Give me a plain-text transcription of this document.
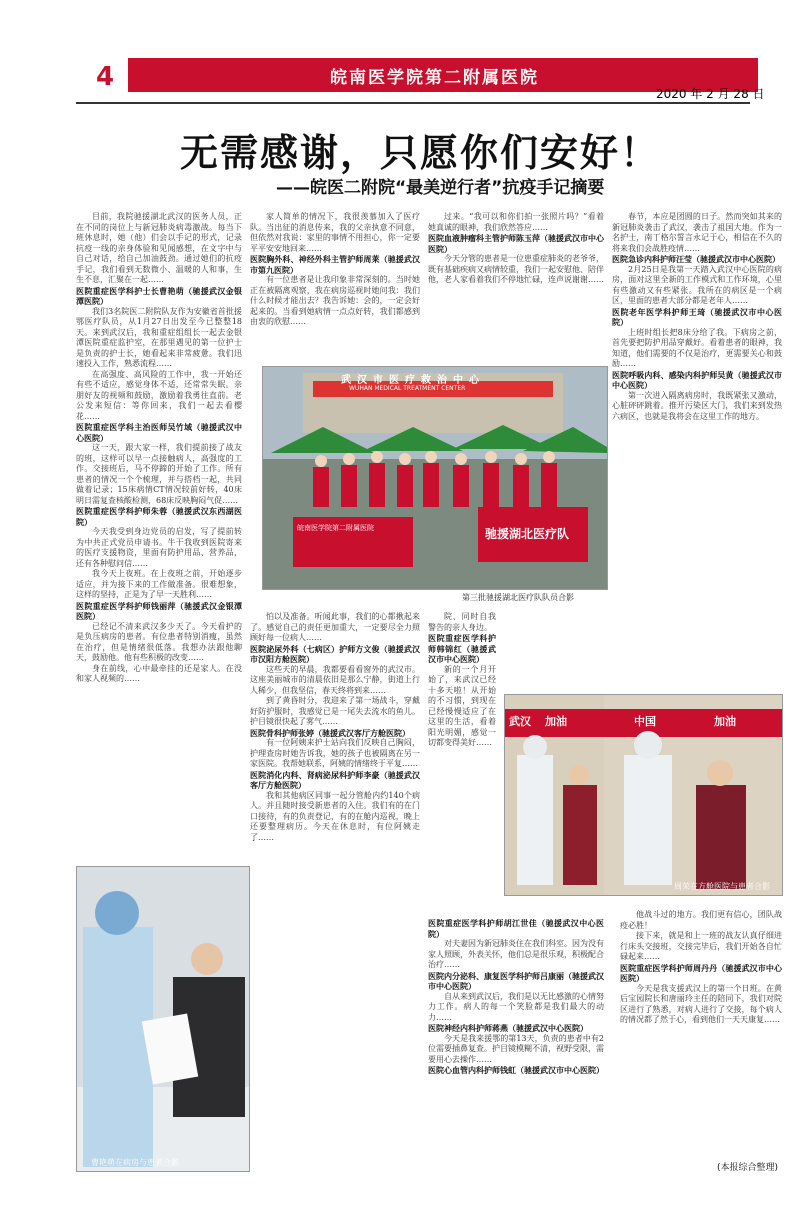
4	皖南医学院第二附属医院
2020 年 2 月 28 日
无需感谢，只愿你们安好！
——皖医二附院“最美逆行者”抗疫手记摘要

目前，我院驰援湖北武汉的医务人员，正在不同的岗位上与新冠肺炎病毒激战。每当下班休息时，她（他）们会以手记的形式，记录抗疫一线的亲身体验和见闻感想，在文字中与自己对话，给自己加油鼓劲。通过她们的抗疫手记，我们看到无数微小、温暖的人和事，生生不息，汇聚在一起……

医院重症医学科护士长曹艳萌（驰援武汉金银潭医院）

我们3名院医二附院队友作为安徽省首批援鄂医疗队员，从1月27日出发至今已整整18天。来到武汉后，我和重症组组长一起去金银潭医院重症监护室，在那里遇见的第一位护士是负责的护士长，她看起来非常疲惫。我们迅速投入工作，熟悉流程……

在高强度、高风险的工作中，我一开始还有些不适应，感觉身体不适，还常常失眠。亲朋好友的视频和鼓励，激励着我勇往直前。老公发来短信：等你回来，我们一起去看樱花……

医院重症医学科主治医师吴竹域（驰援武汉中心医院）

这一天，跟大家一样，我们提前接了战友的班，这样可以早一点接触病人，高强度的工作。交接班后，马不停蹄的开始了工作。所有患者的情况一个个梳理，并与搭档一起，共同做着记录；15床病情CT情况较前好转，40床明日需复查核酸检测，68床反映胸闷气促……

医院重症医学科护师朱蓉（驰援武汉东西湖医院）

今天我受到身边党员的启发，写了提前转为中共正式党员申请书。牛干我收到医院寄来的医疗支援物资，里面有防护用品、营养品，还有各种慰问信……

我今天上夜班。在上夜班之前，开始逐步适应，并为接下来的工作做准备。很难想象，这样的坚持，正是为了早一天胜利……

医院重症医学科护师钱丽萍（驰援武汉金银潭医院）

已经记不清来武汉多少天了。今天看护的是负压病房的患者。有位患者特别消瘦，虽然在治疗，但是情绪很低落。我想办法跟他聊天，鼓励他。他有些积极的改变……

身在前线，心中最牵挂的还是家人。在没和家人视频的……

家人简单的情况下，我很羡慕加入了医疗队。当出征的消息传来，我的父亲执意不同意，但依然对我说：家里的事情不用担心，你一定要平平安安地回来……

医院胸外科、神经外科主管护师周莱（驰援武汉市第九医院）

有一位患者是让我印象非常深刻的。当时她正在被隔离观察，我在病房巡视时她问我：我们什么时候才能出去？我告诉她：会的，一定会好起来的。当看到她病情一点点好转，我们都感到由衷的欣慰……

怕以及准备。听闻此事，我们的心都揪起来了。感觉自己的责任更加重大，一定要尽全力照顾好每一位病人……

医院泌尿外科（七病区）护师方文俊（驰援武汉市汉阳方舱医院）

这些天的早晨，我都要看看窗外的武汉市。这座美丽城市的清晨依旧是那么宁静，街道上行人稀少，但我坚信，春天终将到来……

到了黄昏时分，我迎来了第一场战斗，穿戴好防护服时，我感觉已是一尾失去流水的鱼儿。护目镜很快起了雾气……

医院骨科护师张婷（驰援武汉客厅方舱医院）

有一位阿姨来护士站向我们反映自己胸闷，护理查房时她告诉我，她的孩子也被隔离在另一家医院。我帮她联系，阿姨的情绪终于平复……

医院消化内科、肾病泌尿科护师李豪（驰援武汉客厅方舱医院）

我和其他病区同事一起分管舱内约140个病人。并且随时接受新患者的入住。我们有的在门口接待，有的负责登记，有的在舱内巡视，晚上还要整理病历。今天在休息时，有位阿姨走了……

过来。“我可以和你们拍一张照片吗？”看着她真诚的眼神，我们欣然答应……

医院血液肿瘤科主管护师陈玉萍（驰援武汉市中心医院）

今天分管的患者是一位患重症肺炎的老爷爷，既有基础疾病又病情较重，我们一起安慰他、陪伴他，老人家看着我们不停地忙碌，连声说谢谢……

院、同时自我警告的亲人身边。

医院重症医学科护师韩锦红（驰援武汉市中心医院）

新的一个月开始了，来武汉已经十多天啦！从开始的不习惯，到现在已经慢慢适应了在这里的生活，看着阳光明媚，感觉一切都变得美好……

医院重症医学科护师胡江世佳（驰援武汉中心医院）

对夫妻因为新冠肺炎住在我们科室。因为没有家人照顾，外表关怀，他们总是很乐观，积极配合治疗……

医院内分泌科、康复医学科护师吕康丽（驰援武汉市中心医院）

自从来到武汉后，我们是以无比感激的心情努力工作。病人的每一个笑脸都是我们最大的动力……

医院神经内科护师蒋燕（驰援武汉中心医院）

今天是我来援鄂的第13天，负责的患者中有2位需要插鼻复查。护目镜模糊不清，视野受限，需要用心去操作……

医院心血管内科护师钱虹（驰援武汉市中心医院）

春节，本应是团圆的日子。然而突如其来的新冠肺炎袭击了武汉，袭击了祖国大地。作为一名护士，南丁格尔誓言永记于心，相信在不久的将来我们会战胜疫情……

医院急诊内科护师汪莹（驰援武汉市中心医院）

2月25日是我第一天踏入武汉中心医院的病房，面对这里全新的工作模式和工作环境，心里有些激动又有些紧张。我所在的病区是一个病区，里面的患者大部分都是老年人……

医院老年医学科护师王琦（驰援武汉市中心医院）

上班时组长把8床分给了我。下病房之前，首先要把防护用品穿戴好。看着患者的眼神，我知道，他们需要的不仅是治疗，更需要关心和鼓励……

医院呼吸内科、感染内科护师吴黄（驰援武汉市中心医院）

第一次进入隔离病房时，我既紧张又激动，心脏砰砰跳着。推开污染区大门，我们来到发热六病区，也就是我将会在这里工作的地方。

他战斗过的地方。我们更有信心，团队战疫必胜！

接下来，就是和上一班的战友认真仔细进行床头交接班，交接完毕后，我们开始各自忙碌起来……

医院重症医学科护师周丹丹（驰援武汉市中心医院）

今天是我支援武汉上的第一个日班。在黄后宝园院长和唐丽玲主任的陪同下，我们对院区进行了熟悉，对病人进行了交接，每个病人的情况都了然于心，看到他们一天天康复……

武汉市医疗救治中心
WUHAN MEDICAL TREATMENT CENTER
皖南医学院第二附属医院	驰援湖北医疗队
第三批驰援湖北医疗队队员合影
武汉 加油	中国	加油
周荣在方舱医院与患者合影
曹艳萌在病房与患者合影
(本报综合整理)
